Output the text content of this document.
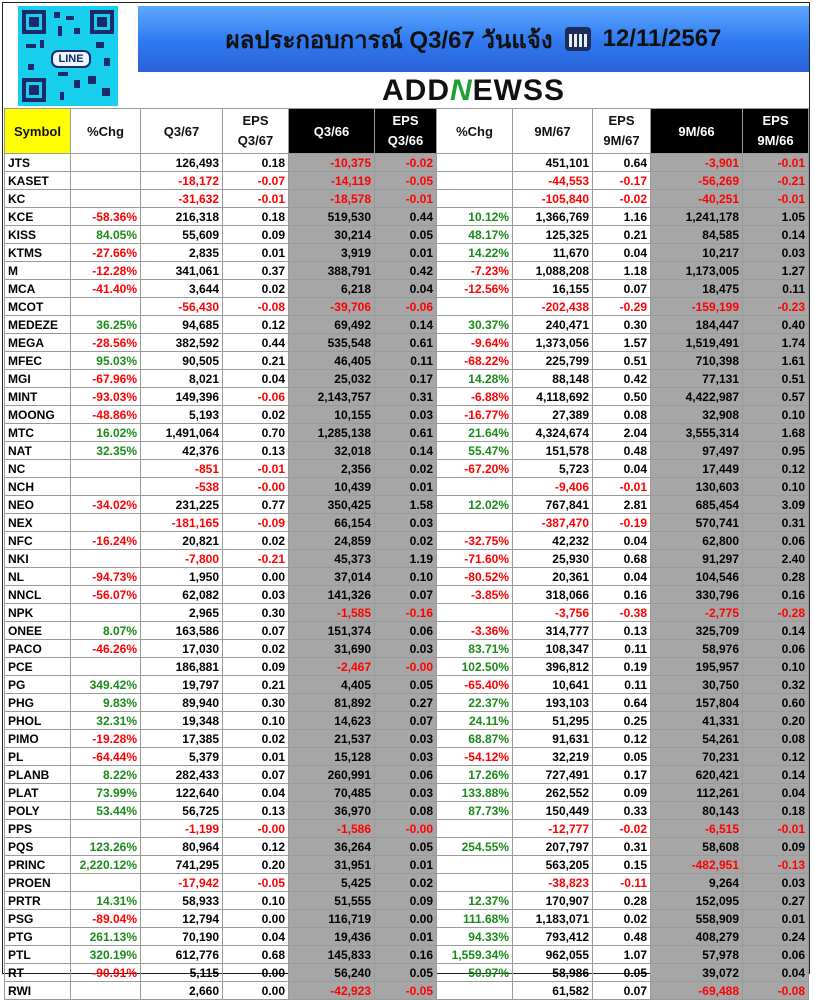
LINE
ผลประกอบการณ์ Q3/67 วันแจ้ง 12/11/2567
ADDNEWSS
Symbol	%Chg	Q3/67	EPS Q3/67	Q3/66	EPS Q3/66	%Chg	9M/67	EPS 9M/67	9M/66	EPS 9M/66
JTS		126,493	0.18	-10,375	-0.02		451,101	0.64	-3,901	-0.01
KASET		-18,172	-0.07	-14,119	-0.05		-44,553	-0.17	-56,269	-0.21
KC		-31,632	-0.01	-18,578	-0.01		-105,840	-0.02	-40,251	-0.01
KCE	-58.36%	216,318	0.18	519,530	0.44	10.12%	1,366,769	1.16	1,241,178	1.05
KISS	84.05%	55,609	0.09	30,214	0.05	48.17%	125,325	0.21	84,585	0.14
KTMS	-27.66%	2,835	0.01	3,919	0.01	14.22%	11,670	0.04	10,217	0.03
M	-12.28%	341,061	0.37	388,791	0.42	-7.23%	1,088,208	1.18	1,173,005	1.27
MCA	-41.40%	3,644	0.02	6,218	0.04	-12.56%	16,155	0.07	18,475	0.11
MCOT		-56,430	-0.08	-39,706	-0.06		-202,438	-0.29	-159,199	-0.23
MEDEZE	36.25%	94,685	0.12	69,492	0.14	30.37%	240,471	0.30	184,447	0.40
MEGA	-28.56%	382,592	0.44	535,548	0.61	-9.64%	1,373,056	1.57	1,519,491	1.74
MFEC	95.03%	90,505	0.21	46,405	0.11	-68.22%	225,799	0.51	710,398	1.61
MGI	-67.96%	8,021	0.04	25,032	0.17	14.28%	88,148	0.42	77,131	0.51
MINT	-93.03%	149,396	-0.06	2,143,757	0.31	-6.88%	4,118,692	0.50	4,422,987	0.57
MOONG	-48.86%	5,193	0.02	10,155	0.03	-16.77%	27,389	0.08	32,908	0.10
MTC	16.02%	1,491,064	0.70	1,285,138	0.61	21.64%	4,324,674	2.04	3,555,314	1.68
NAT	32.35%	42,376	0.13	32,018	0.14	55.47%	151,578	0.48	97,497	0.95
NC		-851	-0.01	2,356	0.02	-67.20%	5,723	0.04	17,449	0.12
NCH		-538	-0.00	10,439	0.01		-9,406	-0.01	130,603	0.10
NEO	-34.02%	231,225	0.77	350,425	1.58	12.02%	767,841	2.81	685,454	3.09
NEX		-181,165	-0.09	66,154	0.03		-387,470	-0.19	570,741	0.31
NFC	-16.24%	20,821	0.02	24,859	0.02	-32.75%	42,232	0.04	62,800	0.06
NKI		-7,800	-0.21	45,373	1.19	-71.60%	25,930	0.68	91,297	2.40
NL	-94.73%	1,950	0.00	37,014	0.10	-80.52%	20,361	0.04	104,546	0.28
NNCL	-56.07%	62,082	0.03	141,326	0.07	-3.85%	318,066	0.16	330,796	0.16
NPK		2,965	0.30	-1,585	-0.16		-3,756	-0.38	-2,775	-0.28
ONEE	8.07%	163,586	0.07	151,374	0.06	-3.36%	314,777	0.13	325,709	0.14
PACO	-46.26%	17,030	0.02	31,690	0.03	83.71%	108,347	0.11	58,976	0.06
PCE		186,881	0.09	-2,467	-0.00	102.50%	396,812	0.19	195,957	0.10
PG	349.42%	19,797	0.21	4,405	0.05	-65.40%	10,641	0.11	30,750	0.32
PHG	9.83%	89,940	0.30	81,892	0.27	22.37%	193,103	0.64	157,804	0.60
PHOL	32.31%	19,348	0.10	14,623	0.07	24.11%	51,295	0.25	41,331	0.20
PIMO	-19.28%	17,385	0.02	21,537	0.03	68.87%	91,631	0.12	54,261	0.08
PL	-64.44%	5,379	0.01	15,128	0.03	-54.12%	32,219	0.05	70,231	0.12
PLANB	8.22%	282,433	0.07	260,991	0.06	17.26%	727,491	0.17	620,421	0.14
PLAT	73.99%	122,640	0.04	70,485	0.03	133.88%	262,552	0.09	112,261	0.04
POLY	53.44%	56,725	0.13	36,970	0.08	87.73%	150,449	0.33	80,143	0.18
PPS		-1,199	-0.00	-1,586	-0.00		-12,777	-0.02	-6,515	-0.01
PQS	123.26%	80,964	0.12	36,264	0.05	254.55%	207,797	0.31	58,608	0.09
PRINC	2,220.12%	741,295	0.20	31,951	0.01		563,205	0.15	-482,951	-0.13
PROEN		-17,942	-0.05	5,425	0.02		-38,823	-0.11	9,264	0.03
PRTR	14.31%	58,933	0.10	51,555	0.09	12.37%	170,907	0.28	152,095	0.27
PSG	-89.04%	12,794	0.00	116,719	0.00	111.68%	1,183,071	0.02	558,909	0.01
PTG	261.13%	70,190	0.04	19,436	0.01	94.33%	793,412	0.48	408,279	0.24
PTL	320.19%	612,776	0.68	145,833	0.16	1,559.34%	962,055	1.07	57,978	0.06
RT	-90.91%	5,115	0.00	56,240	0.05	50.97%	58,986	0.05	39,072	0.04
RWI		2,660	0.00	-42,923	-0.05		61,582	0.07	-69,488	-0.08
